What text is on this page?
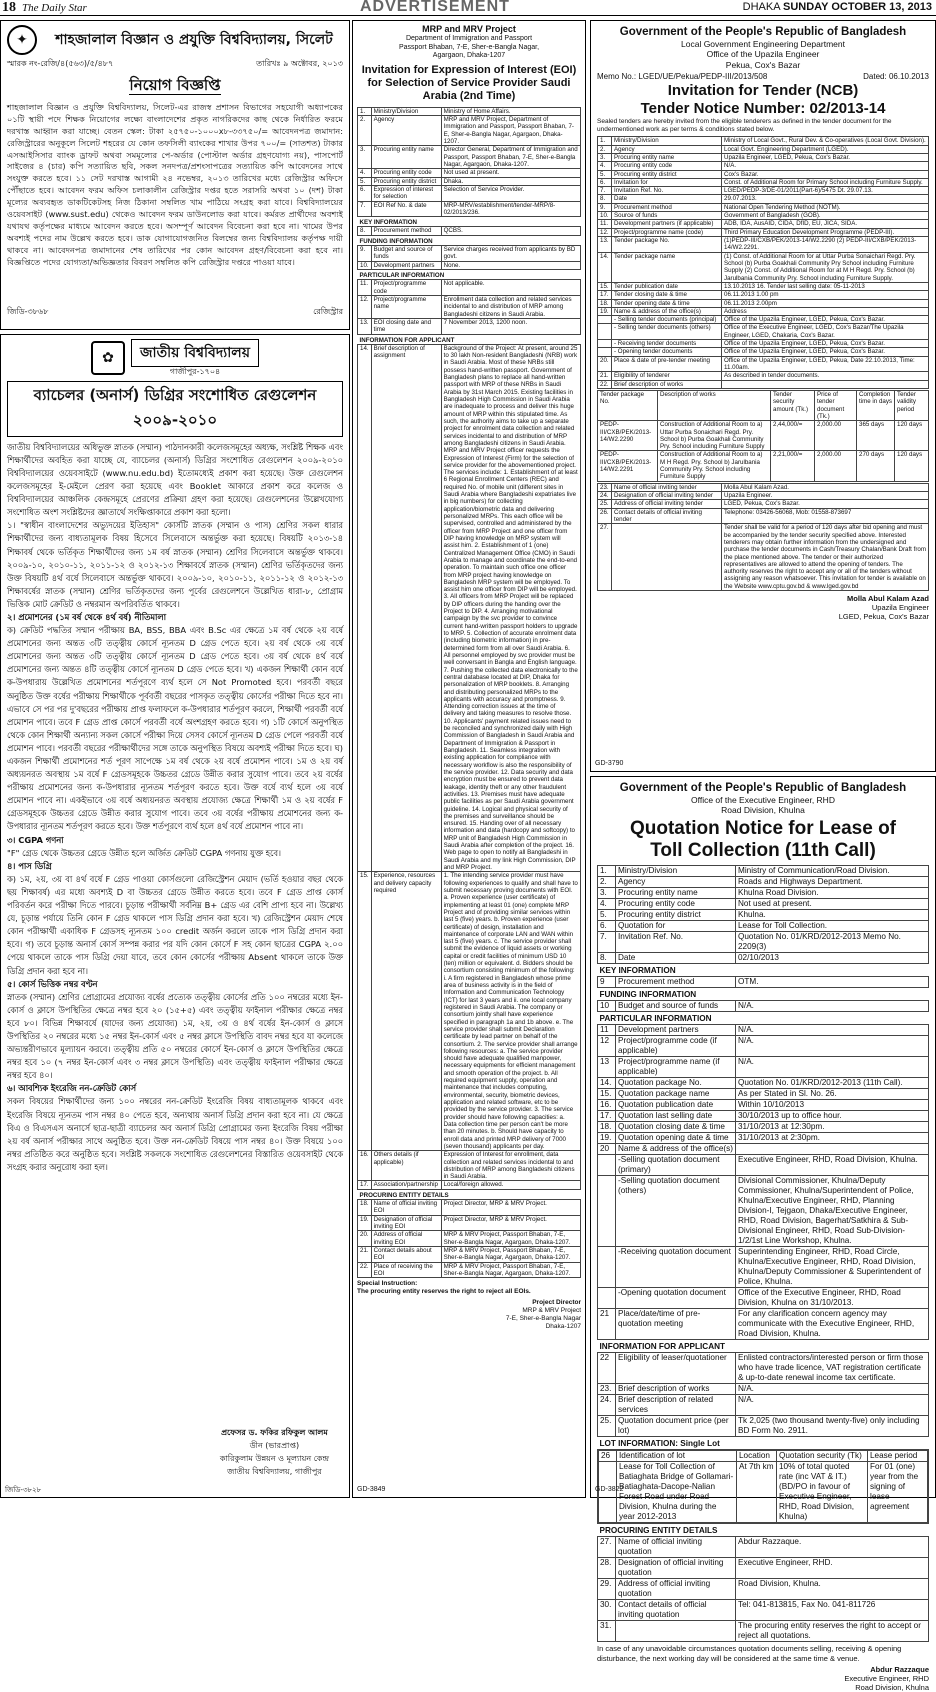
18 The Daily Star	ADVERTISEMENT	DHAKA SUNDAY OCTOBER 13, 2013
✦	শাহজালাল বিজ্ঞান ও প্রযুক্তি বিশ্ববিদ্যালয়, সিলেট
স্মারক নং-রেজি/৪(৫৬৩)/৫/৪৮৭	তারিখঃ ৯ অক্টোবর, ২০১৩
নিয়োগ বিজ্ঞপ্তি
শাহজালাল বিজ্ঞান ও প্রযুক্তি বিশ্ববিদ্যালয়, সিলেট-এর রাজস্ব প্রশাসন বিভাগের সহযোগী অধ্যাপকের ০১টি স্থায়ী পদে শিক্ষক নিয়োগের লক্ষ্যে বাংলাদেশের প্রকৃত নাগরিকদের কাছ থেকে নির্ধারিত ফরমে দরখাস্ত আহ্বান করা যাচ্ছে। বেতন স্কেল: টাকা ২৫৭৫০-১০০০x৮-৩৩৭৫০/= আবেদনপত্র জমাদান: রেজিস্ট্রারের অনুকূলে সিলেট শহরের যে কোন তফসিলী ব্যাংকের শাখার উপর ৭০০/= (সাতশত) টাকার এসআইসিসার ব্যাংক ড্রাফট অথবা সমমূল্যের পে-অর্ডার (পোস্টাল অর্ডার গ্রহণযোগ্য নয়), পাসপোর্ট সাইজের ৪ (চার) কপি সত্যায়িত ছবি, সকল সনদপত্র/প্রশংসাপত্রের সত্যায়িত কপি আবেদনের সাথে সংযুক্ত করতে হবে। ১১ সেট দরখাস্ত আগামী ২৪ নভেম্বর, ২০১৩ তারিখের মধ্যে রেজিস্ট্রার অফিসে পৌঁছাতে হবে। আবেদন ফরম অফিস চলাকালীন রেজিস্ট্রার দপ্তর হতে সরাসরি অথবা ১০ (দশ) টাকা মূল্যের অব্যবহৃত ডাকটিকেটসহ নিজ ঠিকানা সম্বলিত খাম পাঠিয়ে সংগ্রহ করা যাবে। বিশ্ববিদ্যালয়ের ওয়েবসাইট (www.sust.edu) থেকেও আবেদন ফরম ডাউনলোড করা যাবে। কর্মরত প্রার্থীদের অবশ্যই যথাযথ কর্তৃপক্ষের মাধ্যমে আবেদন করতে হবে। অসম্পূর্ণ আবেদন বিবেচনা করা হবে না। খামের উপর অবশ্যই পদের নাম উল্লেখ করতে হবে। ডাক যোগাযোগজনিত বিলম্বের জন্য বিশ্ববিদ্যালয় কর্তৃপক্ষ দায়ী থাকবে না। আবেদনপত্র জমাদানের শেষ তারিখের পর কোন আবেদন গ্রহণ/বিবেচনা করা হবে না। বিজ্ঞপ্তিতে পদের যোগ্যতা/অভিজ্ঞতার বিবরণ সম্বলিত কপি রেজিস্ট্রার দপ্তরে পাওয়া যাবে।
জিডি-৩৮৬৮	রেজিস্ট্রার
✿	জাতীয় বিশ্ববিদ্যালয়
গাজীপুর-১৭০৪
ব্যাচেলর (অনার্স) ডিগ্রির সংশোধিত রেগুলেশন
২০০৯-২০১০
জাতীয় বিশ্ববিদ্যালয়ের অধিভুক্ত স্নাতক (সম্মান) পাঠদানকারী কলেজসমূহের অধ্যক্ষ, সংশ্লিষ্ট শিক্ষক এবং শিক্ষার্থীদের অবহিত করা যাচ্ছে যে, ব্যাচেলর (অনার্স) ডিগ্রির সংশোধিত রেগুলেশন ২০০৯-২০১০ বিশ্ববিদ্যালয়ের ওয়েবসাইটে (www.nu.edu.bd) ইতোমধ্যেই প্রকাশ করা হয়েছে। উক্ত রেগুলেশন কলেজসমূহের ই-মেইলে প্রেরণ করা হয়েছে এবং Booklet আকারে প্রকাশ করে কলেজ ও বিশ্ববিদ্যালয়ের আঞ্চলিক কেন্দ্রসমূহে প্রেরণের প্রক্রিয়া গ্রহণ করা হয়েছে। রেগুলেশনের উল্লেখযোগ্য সংশোধিত অংশ সংশ্লিষ্টদের জ্ঞাতার্থে সংক্ষিপ্তাকারে প্রকাশ করা হলো।
১। "স্বাধীন বাংলাদেশের অভ্যুদয়ের ইতিহাস" কোর্সটি স্নাতক (সম্মান ও পাস) শ্রেণির সকল ধারার শিক্ষার্থীদের জন্য বাধ্যতামূলক বিষয় হিসেবে সিলেবাসে অন্তর্ভুক্ত করা হয়েছে। বিষয়টি ২০১৩-১৪ শিক্ষাবর্ষ থেকে ভর্তিকৃত শিক্ষার্থীদের জন্য ১ম বর্ষ স্নাতক (সম্মান) শ্রেণির সিলেবাসে অন্তর্ভুক্ত থাকবে। ২০০৯-১০, ২০১০-১১, ২০১১-১২ ও ২০১২-১৩ শিক্ষাবর্ষে স্নাতক (সম্মান) শ্রেণির ভর্তিকৃতদের জন্য উক্ত বিষয়টি ৪র্থ বর্ষে সিলেবাসে অন্তর্ভুক্ত থাকবে। ২০০৯-১০, ২০১০-১১, ২০১১-১২ ও ২০১২-১৩ শিক্ষাবর্ষের স্নাতক (সম্মান) শ্রেণির ভর্তিকৃতদের জন্য পূর্বের রেগুলেশনে উল্লেখিত ধারা-৮, প্রোগ্রাম ভিত্তিক মোট ক্রেডিট ও নম্বরমান অপরিবর্তিত থাকবে।
২। প্রমোশনের (১ম বর্ষ থেকে ৪র্থ বর্ষ) নীতিমালা
ক) ক্রেডিট পদ্ধতির সম্মান পরীক্ষায় BA, BSS, BBA এবং B.Sc এর ক্ষেত্রে ১ম বর্ষ থেকে ২য় বর্ষে প্রমোশনের জন্য অন্তত ৩টি তত্ত্বীয় কোর্সে ন্যূনতম D গ্রেড পেতে হবে। ২য় বর্ষ থেকে ৩য় বর্ষে প্রমোশনের জন্য অন্তত ৩টি তত্ত্বীয় কোর্সে ন্যূনতম D গ্রেড পেতে হবে। ৩য় বর্ষ থেকে ৪র্থ বর্ষে প্রমোশনের জন্য অন্তত ৪টি তত্ত্বীয় কোর্সে ন্যূনতম D গ্রেড পেতে হবে। খ) একজন শিক্ষার্থী কোন বর্ষে ক-উপধারায় উল্লেখিত প্রমোশনের শর্তপূরণে ব্যর্থ হলে সে Not Promoted হবে। পরবর্তী বছরে অনুষ্ঠিত উক্ত বর্ষের পরীক্ষায় শিক্ষার্থীকে পূর্ববর্তী বছরের পাসকৃত তত্ত্বীয় কোর্সের পরীক্ষা দিতে হবে না। এভাবে সে পর পর দু'বছরের পরীক্ষায় প্রাপ্ত ফলাফলে ক-উপধারার শর্তপূরণ করলে, শিক্ষার্থী পরবর্তী বর্ষে প্রমোশন পাবে। তবে F গ্রেড প্রাপ্ত কোর্সে পরবর্তী বর্ষে অংশগ্রহণ করতে হবে। গ) ১টি কোর্সে অনুপস্থিত থেকে কোন শিক্ষার্থী অন্যান্য সকল কোর্সে পরীক্ষা দিয়ে সেসব কোর্সে ন্যূনতম D গ্রেড পেলে পরবর্তী বর্ষে প্রমোশন পাবে। পরবর্তী বছরের পরীক্ষার্থীদের সঙ্গে তাকে অনুপস্থিত বিষয়ে অবশ্যই পরীক্ষা দিতে হবে। ঘ) একজন শিক্ষার্থী প্রমোশনের শর্ত পূরণ সাপেক্ষে ১ম বর্ষ থেকে ২য় বর্ষে প্রমোশন পাবে। ১ম ও ২য় বর্ষ অধ্যয়নরত অবস্থায় ১ম বর্ষে F গ্রেডসমূহকে উচ্চতর গ্রেডে উন্নীত করার সুযোগ পাবে। তবে ২য় বর্ষের পরীক্ষায় প্রমোশনের জন্য ক-উপধারার ন্যূনতম শর্তপূরণ করতে হবে। উক্ত বর্ষে ব্যর্থ হলে ৩য় বর্ষে প্রমোশন পাবে না। একইভাবে ৩য় বর্ষে অধ্যয়নরত অবস্থায় প্রযোজ্য ক্ষেত্রে শিক্ষার্থী ১ম ও ২য় বর্ষের F গ্রেডসমূহকে উচ্চতর গ্রেডে উন্নীত করার সুযোগ পাবে। তবে ৩য় বর্ষের পরীক্ষায় প্রমোশনের জন্য ক-উপধারার ন্যূনতম শর্তপূরণ করতে হবে। উক্ত শর্তপূরণে ব্যর্থ হলে ৪র্থ বর্ষে প্রমোশন পাবে না।
৩। CGPA গণনা
"F" গ্রেড থেকে উচ্চতর গ্রেডে উন্নীত হলে অর্জিত ক্রেডিট CGPA গণনায় যুক্ত হবে।
৪। পাস ডিগ্রি
ক) ১ম, ২য়, ৩য় বা ৪র্থ বর্ষে F গ্রেড পাওয়া কোর্সগুলো রেজিস্ট্রেশন মেয়াদ (ভর্তি হওয়ার বছর থেকে ছয় শিক্ষাবর্ষ) এর মধ্যে অবশ্যই D বা উচ্চতর গ্রেডে উন্নীত করতে হবে। তবে F গ্রেড প্রাপ্ত কোর্স পরিবর্তন করে পরীক্ষা দিতে পারবে। চূড়ান্ত পরীক্ষার্থী সর্বনিম্ন B+ গ্রেড এর বেশি প্রাপ্য হবে না। উল্লেখ্য যে, চূড়ান্ত পর্যায়ে তিনি কোন F গ্রেড থাকলে পাস ডিগ্রি প্রদান করা হবে। খ) রেজিস্ট্রেশন মেয়াদ শেষে কোন পরীক্ষার্থী একাধিক F গ্রেডসহ ন্যূনতম ১০০ credit অর্জন করলে তাকে পাস ডিগ্রি প্রদান করা হবে। গ) তবে চূড়ান্ত অনার্স কোর্স সম্পন্ন করার পর যদি কোন কোর্সে F সহ কোন ছাত্রের CGPA ২.০০ পেয়ে থাকলে তাকে পাস ডিগ্রি দেয়া যাবে, তবে কোন কোর্সের পরীক্ষায় Absent থাকলে তাকে উক্ত ডিগ্রি প্রদান করা হবে না।
৫। কোর্স ভিত্তিক নম্বর বণ্টন
স্নাতক (সম্মান) শ্রেণির প্রোগ্রামের প্রযোজ্য বর্ষের প্রত্যেক তত্ত্বীয় কোর্সের প্রতি ১০০ নম্বরের মধ্যে ইন-কোর্স ও ক্লাসে উপস্থিতির ক্ষেত্রে নম্বর হবে ২০ (১৫+৫) এবং তত্ত্বীয় ফাইনাল পরীক্ষার ক্ষেত্রে নম্বর হবে ৮০। বিভিন্ন শিক্ষাবর্ষে (যাদের জন্য প্রযোজ্য) ১ম, ২য়, ৩য় ও ৪র্থ বর্ষের ইন-কোর্স ও ক্লাসে উপস্থিতির ২০ নম্বরের মধ্যে ১৫ নম্বর ইন-কোর্স এবং ৫ নম্বর ক্লাসে উপস্থিতি বাবদ নম্বর হবে যা কলেজে অভ্যন্তরীণভাবে মূল্যায়ন করবে। তত্ত্বীয় প্রতি ৫০ নম্বরের কোর্সে ইন-কোর্স ও ক্লাসে উপস্থিতির ক্ষেত্রে নম্বর হবে ১০ (৭ নম্বর ইন-কোর্স এবং ৩ নম্বর ক্লাসে উপস্থিতি) এবং তত্ত্বীয় ফাইনাল পরীক্ষার ক্ষেত্রে নম্বর হবে ৪০।
৬। আবশ্যিক ইংরেজি নন-ক্রেডিট কোর্স
সকল বিষয়ের শিক্ষার্থীদের জন্য ১০০ নম্বরের নন-ক্রেডিট ইংরেজি বিষয় বাধ্যতামূলক থাকবে এবং ইংরেজি বিষয়ে ন্যূনতম পাস নম্বর ৪০ পেতে হবে, অন্যথায় অনার্স ডিগ্রি প্রদান করা হবে না। যে ক্ষেত্রে বিএ ও বিএসএস অনার্সে ছাত্র-ছাত্রী ব্যাচেলর অব অনার্স ডিগ্রি প্রোগ্রামের জন্য ইংরেজি বিষয় পরীক্ষা ২য় বর্ষ অনার্স পরীক্ষার সাথে অনুষ্ঠিত হবে। উক্ত নন-ক্রেডিট বিষয়ে পাস নম্বর ৪০। উক্ত বিষয়ে ১০০ নম্বর প্রতিষ্ঠিত করে অনুষ্ঠিত হবে। সংশ্লিষ্ট সকলকে সংশোধিত রেগুলেশনের বিস্তারিত ওয়েবসাইট থেকে সংগ্রহ করার অনুরোধ করা হল।
প্রফেসর ড. ফকির রফিকুল আলম
ডীন (ভারপ্রাপ্ত)
কারিকুলাম উন্নয়ন ও মূল্যায়ন কেন্দ্র
জাতীয় বিশ্ববিদ্যালয়, গাজীপুর
জিডি-৩৮২৮
MRP and MRV Project
Department of Immigration and Passport
Passport Bhaban, 7-E, Sher-e-Bangla Nagar,
Agargaon, Dhaka-1207
Invitation for Expression of Interest (EOI) for Selection of Service Provider Saudi Arabia (2nd Time)
1.	Ministry/Division	Ministry of Home Affairs.
2.	Agency	MRP and MRV Project, Department of Immigration and Passport, Passport Bhaban, 7-E, Sher-e-Bangla Nagar, Agargaon, Dhaka-1207.
3.	Procuring entity name	Director General, Department of Immigration and Passport, Passport Bhaban, 7-E, Sher-e-Bangla Nagar, Agargaon, Dhaka-1207.
4.	Procuring entity code	Not used at present.
5.	Procuring entity district	Dhaka.
6.	Expression of interest for selection	Selection of Service Provider.
7.	EOI Ref No. & date	MRP-MRV/establishment/tender-MRP/8-02/2013/236.
KEY INFORMATION		
8.	Procurement method	QCBS.
FUNDING INFORMATION		
9.	Budget and source of funds	Service charges received from applicants by BD govt.
10.	Development partners	None.
PARTICULAR INFORMATION		
11.	Project/programme code	Not applicable.
12.	Project/programme name	Enrollment data collection and related services incidental to and distribution of MRP among Bangladeshi citizens in Saudi Arabia.
13.	EOI closing date and time	7 November 2013, 1200 noon.
INFORMATION FOR APPLICANT		
14.	Brief description of assignment	Background of the Project: At present, around 25 to 30 lakh Non-resident Bangladeshi (NRB) work in Saudi Arabia. Most of these NRBs still possess hand-written passport. Government of Bangladesh plans to replace all hand-written passport with MRP of these NRBs in Saudi Arabia by 31st March 2015. Existing facilities in Bangladesh High Commission in Saudi Arabia are inadequate to process and deliver this huge amount of MRP within this stipulated time. As such, the authority aims to take up a separate project for enrolment data collection and related services incidental to and distribution of MRP among Bangladeshi citizens in Saudi Arabia. MRP and MRV Project officer requests the Expression of Interest (Firm) for the selection of service provider for the abovementioned project. The services include: 1. Establishment of at least 6 Regional Enrollment Centers (REC) and required No. of mobile unit (different sites in Saudi Arabia where Bangladeshi expatriates live in big numbers) for collecting application/biometric data and delivering personalized MRPs. This each office will be supervised, controlled and administered by the officer from MRP Project and one officer from DIP having knowledge on MRP system will assist him. 2. Establishment of 1 (one) Centralized Management Office (CMO) in Saudi Arabia to manage and coordinate the end-to-end operation. To maintain such office one officer from MRP project having knowledge on Bangladesh MRP system will be employed. To assist him one officer from DIP will be employed. 3. All officers from MRP Project will be replaced by DIP officers during the handing over the Project to DIP. 4. Arranging motivational campaign by the svc provider to convince current hand-written passport holders to upgrade to MRP. 5. Collection of accurate enrolment data (including biometric information) in pre-determined form from all over Saudi Arabia. 6. All personnel employed by svc provider must be well conversant in Bangla and English language. 7. Pushing the collected data electronically to the central database located at DIP, Dhaka for personalization of MRP booklets. 8. Arranging and distributing personalized MRPs to the applicants with accuracy and promptness. 9. Attending correction issues at the time of delivery and taking measures to resolve those. 10. Applicants' payment related issues need to be reconciled and synchronized daily with High Commission of Bangladesh in Saudi Arabia and Department of Immigration & Passport in Bangladesh. 11. Seamless integration with existing application for compliance with necessary workflow is also the responsibility of the service provider. 12. Data security and data encryption must be ensured to prevent data leakage, identity theft or any other fraudulent activities. 13. Premises must have adequate public facilities as per Saudi Arabia government guideline. 14. Logical and physical security of the premises and surveillance should be ensured. 15. Handing over of all necessary information and data (hardcopy and softcopy) to MRP unit of Bangladesh High Commission in Saudi Arabia after completion of the project. 16. Web page to open to notify all Bangladeshi in Saudi Arabia and my link High Commission, DIP and MRP Project.
15.	Experience, resources and delivery capacity required	1. The intending service provider must have following experiences to qualify and shall have to submit necessary proving documents with EOI. a. Proven experience (user certificate) of implementing at least 01 (one) complete MRP Project and of providing similar services within last 5 (five) years. b. Proven experience (user certificate) of design, installation and maintenance of corporate LAN and WAN within last 5 (five) years. c. The service provider shall submit the evidence of liquid assets or working capital or credit facilities of minimum USD 10 (ten) million or equivalent. d. Bidders should be consortium consisting minimum of the following: i. A firm registered in Bangladesh whose prime area of business activity is in the field of Information and Communication Technology (ICT) for last 3 years and ii. one local company registered in Saudi Arabia. The company or consortium jointly shall have experience specified in paragraph 1a and 1b above. e. The service provider shall submit Declaration certificate by lead partner on behalf of the consortium. 2. The service provider shall arrange following resources: a. The service provider should have adequate qualified manpower, necessary equipments for efficient management and smooth operation of the project. b. All required equipment supply, operation and maintenance that includes computing, environmental, security, biometric devices, application and related software, etc to be provided by the service provider. 3. The service provider should have following capacities: a. Data collection time per person can't be more than 20 minutes. b. Should have capacity to enroll data and printed MRP delivery of 7000 (seven thousand) applicants per day.
16.	Others details (if applicable)	Expression of Interest for enrollment, data collection and related services incidental to and distribution of MRP among Bangladeshi citizens in Saudi Arabia.
17.	Association/partnership	Local/foreign allowed.
PROCURING ENTITY DETAILS		
18.	Name of official inviting EOI	Project Director, MRP & MRV Project.
19.	Designation of official inviting EOI	Project Director, MRP & MRV Project.
20.	Address of official inviting EOI	MRP & MRV Project, Passport Bhaban, 7-E, Sher-e-Bangla Nagar, Agargaon, Dhaka-1207.
21.	Contact details about EOI	MRP & MRV Project, Passport Bhaban, 7-E, Sher-e-Bangla Nagar, Agargaon, Dhaka-1207.
22.	Place of receiving the EOI	MRP & MRV Project, Passport Bhaban, 7-E, Sher-e-Bangla Nagar, Agargaon, Dhaka-1207.
Special Instruction:
The procuring entity reserves the right to reject all EOIs.
Project Director
MRP & MRV Project
7-E, Sher-e-Bangla Nagar
Dhaka-1207
GD-3849
Government of the People's Republic of Bangladesh
Local Government Engineering Department
Office of the Upazila Engineer
Pekua, Cox's Bazar
Memo No.: LGED/UE/Pekua/PEDP-III/2013/508	Dated: 06.10.2013
Invitation for Tender (NCB)
Tender Notice Number: 02/2013-14
Sealed tenders are hereby invited from the eligible tenderers as defined in the tender document for the undermentioned work as per terms & conditions stated below.
1.	Ministry/Division	Ministry of Local Govt., Rural Dev. & Co-operatives (Local Govt. Division).
2.	Agency	Local Govt. Engineering Department (LGED).
3.	Procuring entity name	Upazila Engineer, LGED, Pekua, Cox's Bazar.
4.	Procuring entity code	N/A.
5.	Procuring entity district	Cox's Bazar.
6.	Invitation for	Const. of Additional Room for Primary School including Furniture Supply.
7.	Invitation Ref. No.	LGED/PEDP-3/DE-01/2011(Part-6)/5475 Dt. 29.07.13.
8.	Date	29.07.2013.
9.	Procurement method	National Open Tendering Method (NOTM).
10.	Source of funds	Government of Bangladesh (GOB).
11.	Development partners (if applicable)	ADB, IDA, AusAID, CIDA, DfID, EU, JICA, SIDA.
12.	Project/programme name (code)	Third Primary Education Development Programme (PEDP-III).
13.	Tender package No.	(1)PEDP-III/CXB/PEK/2013-14/W2.2290 (2) PEDP-III/CXB/PEK/2013-14/W2.2291.
14.	Tender package name	(1) Const. of Additional Room for at Uttar Purba Sonaichari Regd. Pry. School (b) Purba Goakhali Community Pry School including Furniture Supply (2) Const. of Additional Room for at M H Regd. Pry. School (b) Jarulbania Community Pry. School including Furniture Supply.
15.	Tender publication date	13.10.2013 16. Tender last selling date: 05-11-2013
17.	Tender closing date & time	06.11.2013 1.00 pm
18.	Tender opening date & time	06.11.2013 2.00pm
19.	Name & address of the office(s)	Address
	- Selling tender documents (principal)	Office of the Upazila Engineer, LGED, Pekua, Cox's Bazar.
	- Selling tender documents (others)	Office of the Executive Engineer, LGED, Cox's Bazar/The Upazila Engineer, LGED, Chakaria, Cox's Bazar.
	- Receiving tender documents	Office of the Upazila Engineer, LGED, Pekua, Cox's Bazar.
	- Opening tender documents	Office of the Upazila Engineer, LGED, Pekua, Cox's Bazar.
20.	Place & date of pre-tender meeting	Office of the Upazila Engineer, LGED, Pekua, Date 22.10.2013, Time: 11.00am.
21.	Eligibility of tenderer	As described in tender documents.
22.	Brief description of works	
Tender package No.	Description of works	Tender security amount (Tk.)	Price of tender document (Tk.)	Completion time in days	Tender validity period
PEDP-III/CXB/PEK/2013-14/W2.2290	Construction of Additional Room to a) Uttar Purba Sonaichari Regd. Pry. School b) Purba Goakhali Community Pry. School including Furniture Supply	2,44,000/=	2,000.00	365 days	120 days
PEDP-III/CXB/PEK/2013-14/W2.2291	Construction of Additional Room to a) M H Regd. Pry. School b) Jarulbania Community Pry. School including Furniture Supply	2,21,000/=	2,000.00	270 days	120 days
23.	Name of official inviting tender	Molla Abul Kalam Azad.
24.	Designation of official inviting tender	Upazila Engineer.
25.	Address of official inviting tender	LGED, Pekua, Cox's Bazar.
26.	Contact details of official inviting tender	Telephone: 03426-56068, Mob: 01558-873697
27.		Tender shall be valid for a period of 120 days after bid opening and must be accompanied by the tender security specified above. Interested tenderers may obtain further information from the undersigned and purchase the tender documents in Cash/Treasury Chalan/Bank Draft from the place mentioned above. The tender or their authorized representatives are allowed to attend the opening of tenders. The authority reserves the right to accept any or all of the tenders without assigning any reason whatsoever. This invitation for tender is available on the Website www.cptu.gov.bd & www.lged.gov.bd
Molla Abul Kalam Azad
Upazila Engineer
LGED, Pekua, Cox's Bazar
GD-3790
Government of the People's Republic of Bangladesh
Office of the Executive Engineer, RHD
Road Division, Khulna
Quotation Notice for Lease of Toll Collection (11th Call)
1.	Ministry/Division	Ministry of Communication/Road Division.
2.	Agency	Roads and Highways Department.
3.	Procuring entity name	Khulna Road Division.
4.	Procuring entity code	Not used at present.
5.	Procuring entity district	Khulna.
6.	Quotation for	Lease for Toll Collection.
7.	Invitation Ref. No.	Quotation No. 01/KRD/2012-2013 Memo No. 2209(3)
8.	Date	02/10/2013
KEY INFORMATION
9	Procurement method	OTM.
FUNDING INFORMATION
10	Budget and source of funds	N/A.
PARTICULAR INFORMATION
11	Development partners	N/A.
12	Project/programme code (if applicable)	N/A.
13	Project/programme name (if applicable)	N/A.
14.	Quotation package No.	Quotation No. 01/KRD/2012-2013 (11th Call).
15.	Quotation package name	As per Stated in Sl. No. 26.
16.	Quotation publication date	Within 10/10/2013
17.	Quotation last selling date	30/10/2013 up to office hour.
18.	Quotation closing date & time	31/10/2013 at 12:30pm.
19.	Quotation opening date & time	31/10/2013 at 2:30pm.
20	Name & address of the office(s)	
	-Selling quotation document (primary)	Executive Engineer, RHD, Road Division, Khulna.
	-Selling quotation document (others)	Divisional Commissioner, Khulna/Deputy Commissioner, Khulna/Superintendent of Police, Khulna/Executive Engineer, RHD, Planning Division-I, Tejgaon, Dhaka/Executive Engineer, RHD, Road Division, Bagerhat/Satkhira & Sub-Divisional Engineer, RHD, Road Sub-Division- 1/2/1st Line Workshop, Khulna.
	-Receiving quotation document	Superintending Engineer, RHD, Road Circle, Khulna/Executive Engineer, RHD, Road Division, Khulna/Deputy Commissioner & Superintendent of Police, Khulna.
	-Opening quotation document	Office of the Executive Engineer, RHD, Road Division, Khulna on 31/10/2013.
21	Place/date/time of pre-quotation meeting	For any clarification concern agency may communicate with the Executive Engineer, RHD, Road Division, Khulna.
INFORMATION FOR APPLICANT
22	Eligibility of leaser/quotationer	Enlisted contractors/interested person or firm those who have trade licence, VAT registration certificate & up-to-date renewal income tax certificate.
23.	Brief description of works	N/A.
24.	Brief description of related services	N/A.
25.	Quotation document price (per lot)	Tk 2,025 (two thousand twenty-five) only including BD Form No. 2911.
LOT INFORMATION: Single Lot

26	Identification of lot	Location	Quotation security (Tk)	Lease period
	Lease for Toll Collection of Batiaghata Bridge of Gollamari-Batiaghata-Dacope-Nalian Forest Road under Road Division, Khulna during the year 2012-2013	At 7th km	10% of total quoted rate (inc VAT & IT.) (BD/PO in favour of Executive Engineer, RHD, Road Division, Khulna)	For 01 (one) year from the signing of lease agreement

PROCURING ENTITY DETAILS
27.	Name of official inviting quotation	Abdur Razzaque.
28.	Designation of official inviting quotation	Executive Engineer, RHD.
29.	Address of official inviting quotation	Road Division, Khulna.
30.	Contact details of official inviting quotation	Tel: 041-813815, Fax No. 041-811726
31.		The procuring entity reserves the right to accept or reject all quotations.
In case of any unavoidable circumstances quotation documents selling, receiving & opening disturbance, the next working day will be considered at the same time & venue.
Abdur Razzaque
Executive Engineer, RHD
Road Division, Khulna
GD-3822
